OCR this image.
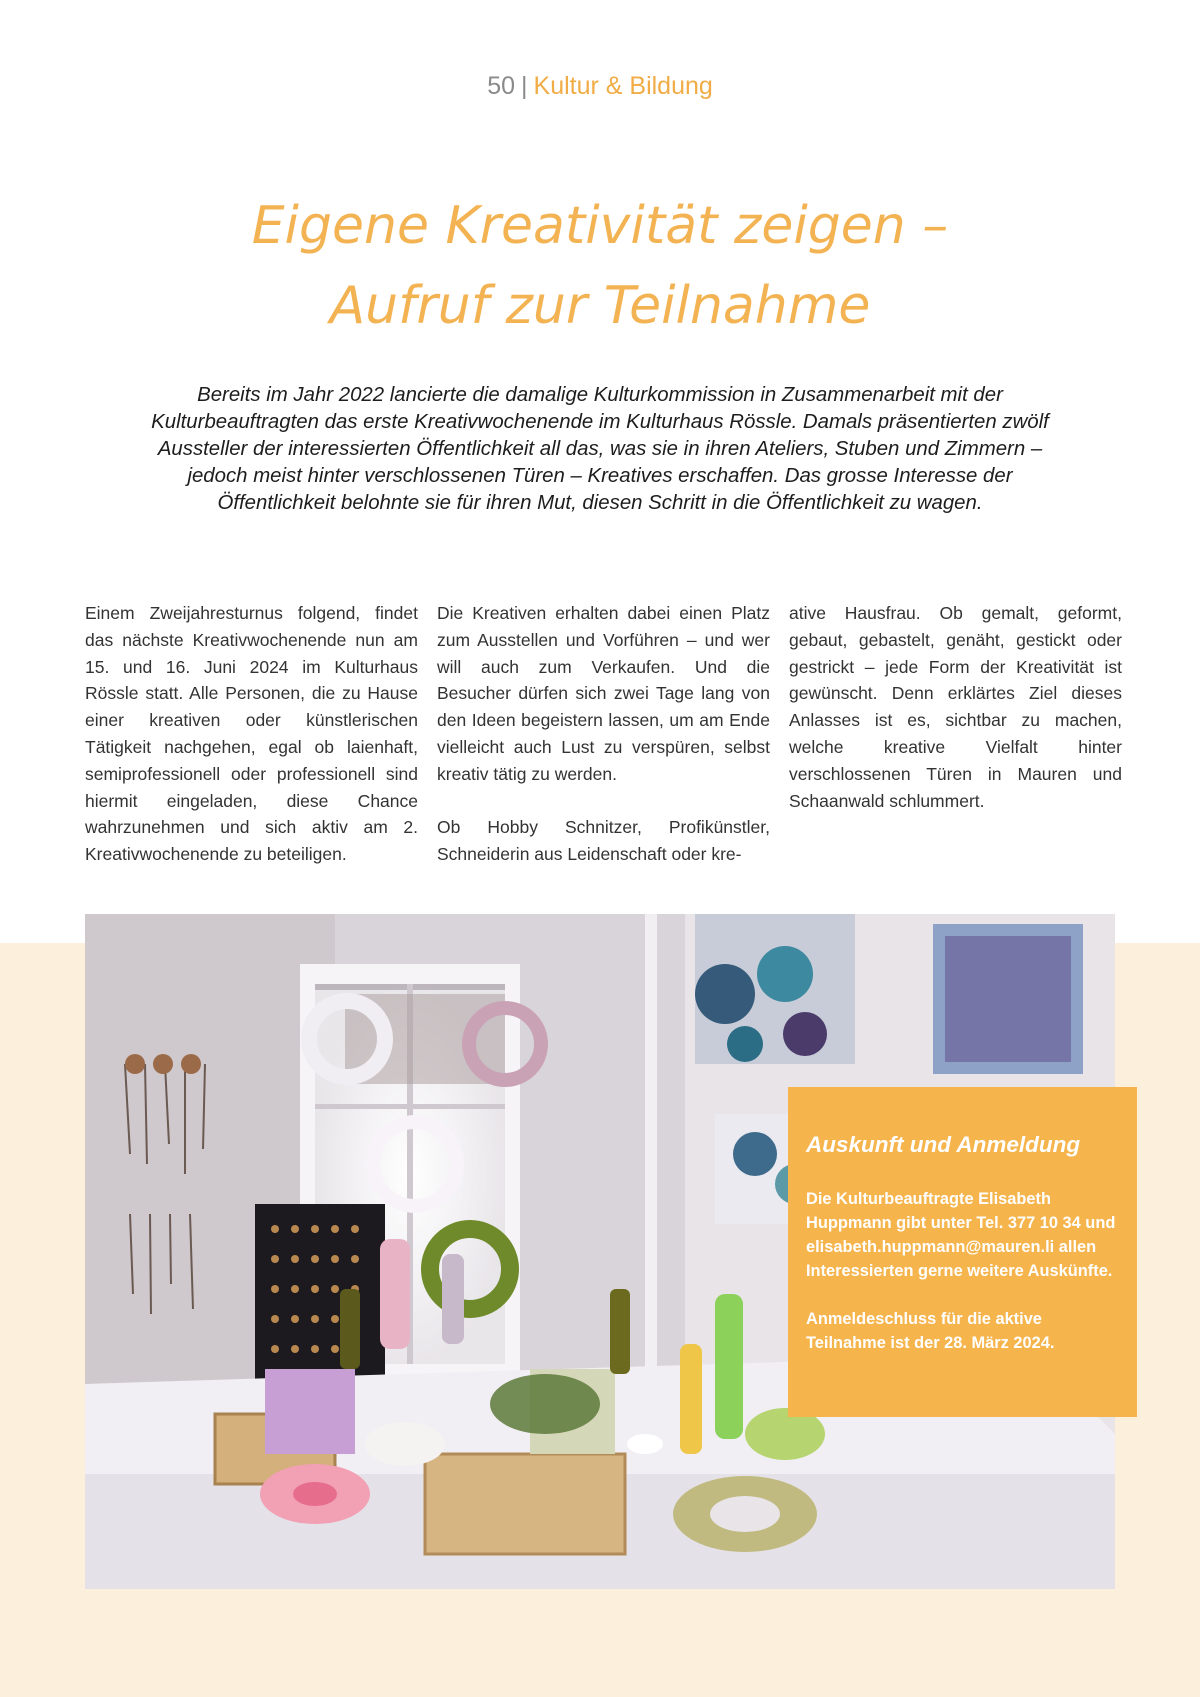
50 | Kultur & Bildung
Eigene Kreativität zeigen –
Aufruf zur Teilnahme

Bereits im Jahr 2022 lancierte die damalige Kulturkommission in Zusammenarbeit mit der Kulturbeauftragten das erste Kreativwochenende im Kulturhaus Rössle. Damals präsentierten zwölf Aussteller der interessierten Öffentlichkeit all das, was sie in ihren Ateliers, Stuben und Zimmern – jedoch meist hinter verschlossenen Türen – Kreatives erschaffen. Das grosse Interesse der Öffentlichkeit belohnte sie für ihren Mut, diesen Schritt in die Öffentlichkeit zu wagen.

Einem Zweijahresturnus folgend, findet das nächste Kreativwochenende nun am 15. und 16. Juni 2024 im Kulturhaus Rössle statt. Alle Personen, die zu Hause einer kreativen oder künstlerischen Tätigkeit nachgehen, egal ob laienhaft, semiprofessionell oder professionell sind hiermit eingeladen, diese Chance wahrzunehmen und sich aktiv am 2. Kreativwochenende zu beteiligen.

Die Kreativen erhalten dabei einen Platz zum Ausstellen und Vorführen – und wer will auch zum Verkaufen. Und die Besucher dürfen sich zwei Tage lang von den Ideen begeistern lassen, um am Ende vielleicht auch Lust zu verspüren, selbst kreativ tätig zu werden.

Ob Hobby Schnitzer, Profikünstler, Schneiderin aus Leidenschaft oder kre-

ative Hausfrau. Ob gemalt, geformt, gebaut, gebastelt, genäht, gestickt oder gestrickt – jede Form der Kreativität ist gewünscht. Denn erklärtes Ziel dieses Anlasses ist es, sichtbar zu machen, welche kreative Vielfalt hinter verschlossenen Türen in Mauren und Schaanwald schlummert.

Auskunft und Anmeldung

Die Kulturbeauftragte Elisabeth Huppmann gibt unter Tel. 377 10 34 und elisabeth.huppmann@mauren.li allen Interessierten gerne weitere Auskünfte.

Anmeldeschluss für die aktive Teilnahme ist der 28. März 2024.
